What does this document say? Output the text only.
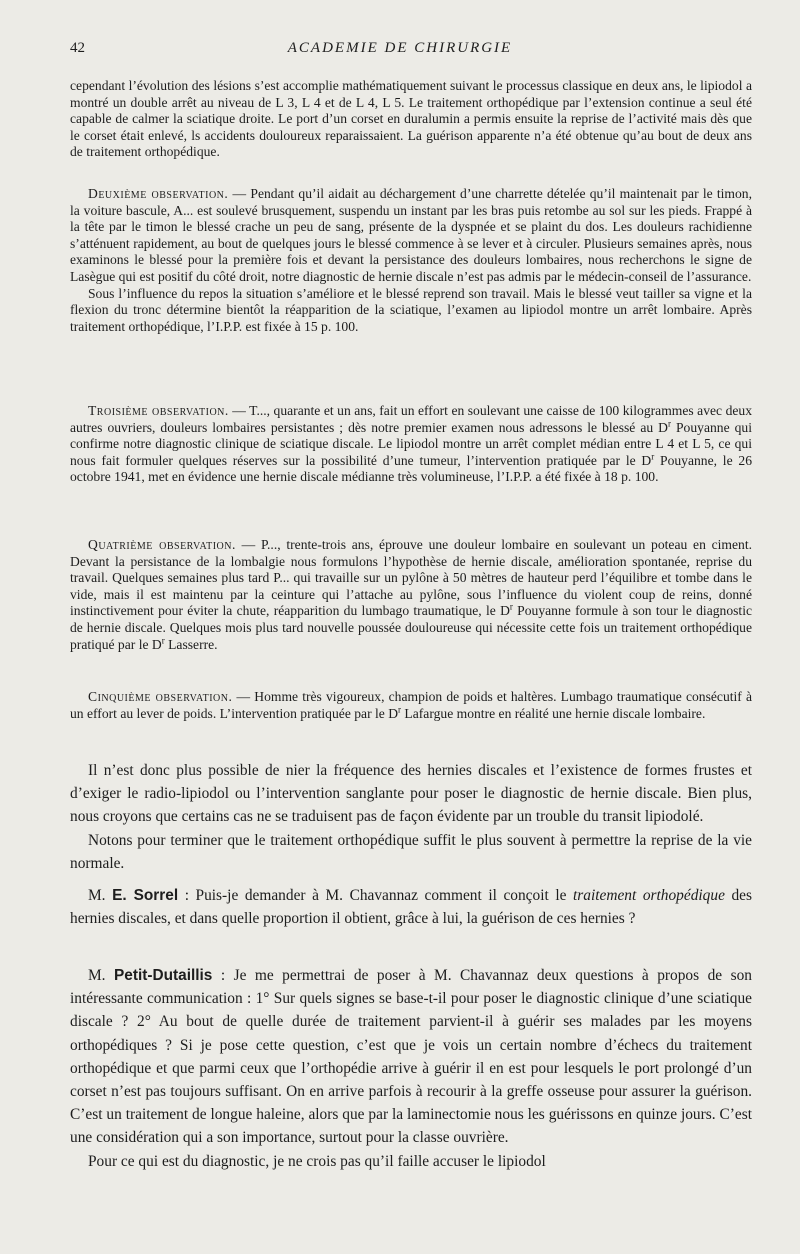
42	ACADEMIE DE CHIRURGIE

cependant l’évolution des lésions s’est accomplie mathématiquement suivant le processus classique en deux ans, le lipiodol a montré un double arrêt au niveau de L 3, L 4 et de L 4, L 5. Le traitement orthopédique par l’extension continue a seul été capable de calmer la sciatique droite. Le port d’un corset en duralumin a permis ensuite la reprise de l’activité mais dès que le corset était enlevé, ls accidents douloureux reparaissaient. La guérison apparente n’a été obtenue qu’au bout de deux ans de traitement orthopédique.

Deuxième observation. — Pendant qu’il aidait au déchargement d’une charrette dételée qu’il maintenait par le timon, la voiture bascule, A... est soulevé brusquement, suspendu un instant par les bras puis retombe au sol sur les pieds. Frappé à la tête par le timon le blessé crache un peu de sang, présente de la dyspnée et se plaint du dos. Les douleurs rachidienne s’atténuent rapidement, au bout de quelques jours le blessé commence à se lever et à circuler. Plusieurs semaines après, nous examinons le blessé pour la première fois et devant la persistance des douleurs lombaires, nous recherchons le signe de Lasègue qui est positif du côté droit, notre diagnostic de hernie discale n’est pas admis par le médecin-conseil de l’assurance.

Sous l’influence du repos la situation s’améliore et le blessé reprend son travail. Mais le blessé veut tailler sa vigne et la flexion du tronc détermine bientôt la réapparition de la sciatique, l’examen au lipiodol montre un arrêt lombaire. Après traitement orthopédique, l’I.P.P. est fixée à 15 p. 100.

Troisième observation. — T..., quarante et un ans, fait un effort en soulevant une caisse de 100 kilogrammes avec deux autres ouvriers, douleurs lombaires persistantes ; dès notre premier examen nous adressons le blessé au $D^r$ Pouyanne qui confirme notre diagnostic clinique de sciatique discale. Le lipiodol montre un arrêt complet médian entre L 4 et L 5, ce qui nous fait formuler quelques réserves sur la possibilité d’une tumeur, l’intervention pratiquée par le $D^r$ Pouyanne, le 26 octobre 1941, met en évidence une hernie discale médianne très volumineuse, l’I.P.P. a été fixée à 18 p. 100.

Quatrième observation. — P..., trente-trois ans, éprouve une douleur lombaire en soulevant un poteau en ciment. Devant la persistance de la lombalgie nous formulons l’hypothèse de hernie discale, amélioration spontanée, reprise du travail. Quelques semaines plus tard P... qui travaille sur un pylône à 50 mètres de hauteur perd l’équilibre et tombe dans le vide, mais il est maintenu par la ceinture qui l’attache au pylône, sous l’influence du violent coup de reins, donné instinctivement pour éviter la chute, réapparition du lumbago traumatique, le $D^r$ Pouyanne formule à son tour le diagnostic de hernie discale. Quelques mois plus tard nouvelle poussée douloureuse qui nécessite cette fois un traitement orthopédique pratiqué par le $D^r$ Lasserre.

Cinquième observation. — Homme très vigoureux, champion de poids et haltères. Lumbago traumatique consécutif à un effort au lever de poids. L’intervention pratiquée par le $D^r$ Lafargue montre en réalité une hernie discale lombaire.

Il n’est donc plus possible de nier la fréquence des hernies discales et l’existence de formes frustes et d’exiger le radio-lipiodol ou l’intervention sanglante pour poser le diagnostic de hernie discale. Bien plus, nous croyons que certains cas ne se traduisent pas de façon évidente par un trouble du transit lipiodolé.

Notons pour terminer que le traitement orthopédique suffit le plus souvent à permettre la reprise de la vie normale.

M. E. Sorrel : Puis-je demander à M. Chavannaz comment il conçoit le traitement orthopédique des hernies discales, et dans quelle proportion il obtient, grâce à lui, la guérison de ces hernies ?

M. Petit-Dutaillis : Je me permettrai de poser à M. Chavannaz deux questions à propos de son intéressante communication : 1° Sur quels signes se base-t-il pour poser le diagnostic clinique d’une sciatique discale ? 2° Au bout de quelle durée de traitement parvient-il à guérir ses malades par les moyens orthopédiques ? Si je pose cette question, c’est que je vois un certain nombre d’échecs du traitement orthopédique et que parmi ceux que l’orthopédie arrive à guérir il en est pour lesquels le port prolongé d’un corset n’est pas toujours suffisant. On en arrive parfois à recourir à la greffe osseuse pour assurer la guérison. C’est un traitement de longue haleine, alors que par la laminectomie nous les guérissons en quinze jours. C’est une considération qui a son importance, surtout pour la classe ouvrière.

Pour ce qui est du diagnostic, je ne crois pas qu’il faille accuser le lipiodol
